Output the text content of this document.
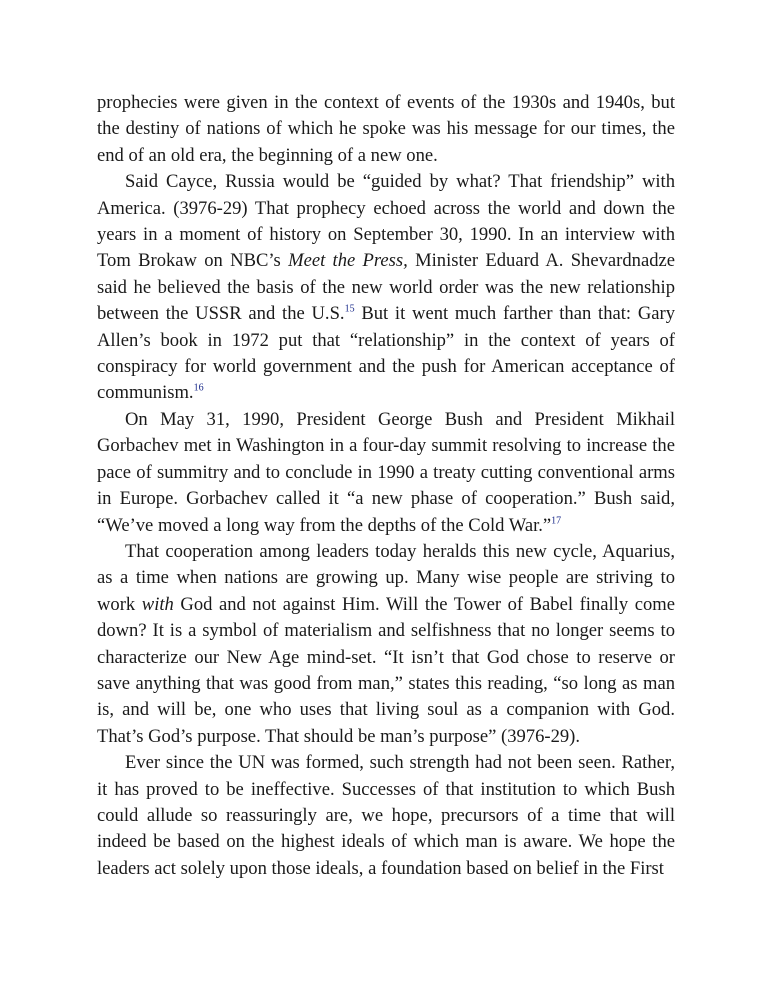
prophecies were given in the context of events of the 1930s and 1940s, but the destiny of nations of which he spoke was his message for our times, the end of an old era, the beginning of a new one.

Said Cayce, Russia would be “guided by what? That friendship” with America. (3976-29) That prophecy echoed across the world and down the years in a moment of history on September 30, 1990. In an interview with Tom Brokaw on NBC’s Meet the Press, Minister Eduard A. Shevardnadze said he believed the basis of the new world order was the new relationship between the USSR and the U.S.$^{15}$ But it went much farther than that: Gary Allen’s book in 1972 put that “relationship” in the context of years of conspiracy for world government and the push for American acceptance of communism.$^{16}$

On May 31, 1990, President George Bush and President Mikhail Gorbachev met in Washington in a four-day summit resolving to increase the pace of summitry and to conclude in 1990 a treaty cutting conventional arms in Europe. Gorbachev called it “a new phase of cooperation.” Bush said, “We’ve moved a long way from the depths of the Cold War.”$^{17}$

That cooperation among leaders today heralds this new cycle, Aquarius, as a time when nations are growing up. Many wise people are striving to work with God and not against Him. Will the Tower of Babel finally come down? It is a symbol of materialism and selfishness that no longer seems to characterize our New Age mind-set. “It isn’t that God chose to reserve or save anything that was good from man,” states this reading, “so long as man is, and will be, one who uses that living soul as a companion with God. That’s God’s purpose. That should be man’s purpose” (3976-29).

Ever since the UN was formed, such strength had not been seen. Rather, it has proved to be ineffective. Successes of that institution to which Bush could allude so reassuringly are, we hope, precursors of a time that will indeed be based on the highest ideals of which man is aware. We hope the leaders act solely upon those ideals, a foundation based on belief in the First
